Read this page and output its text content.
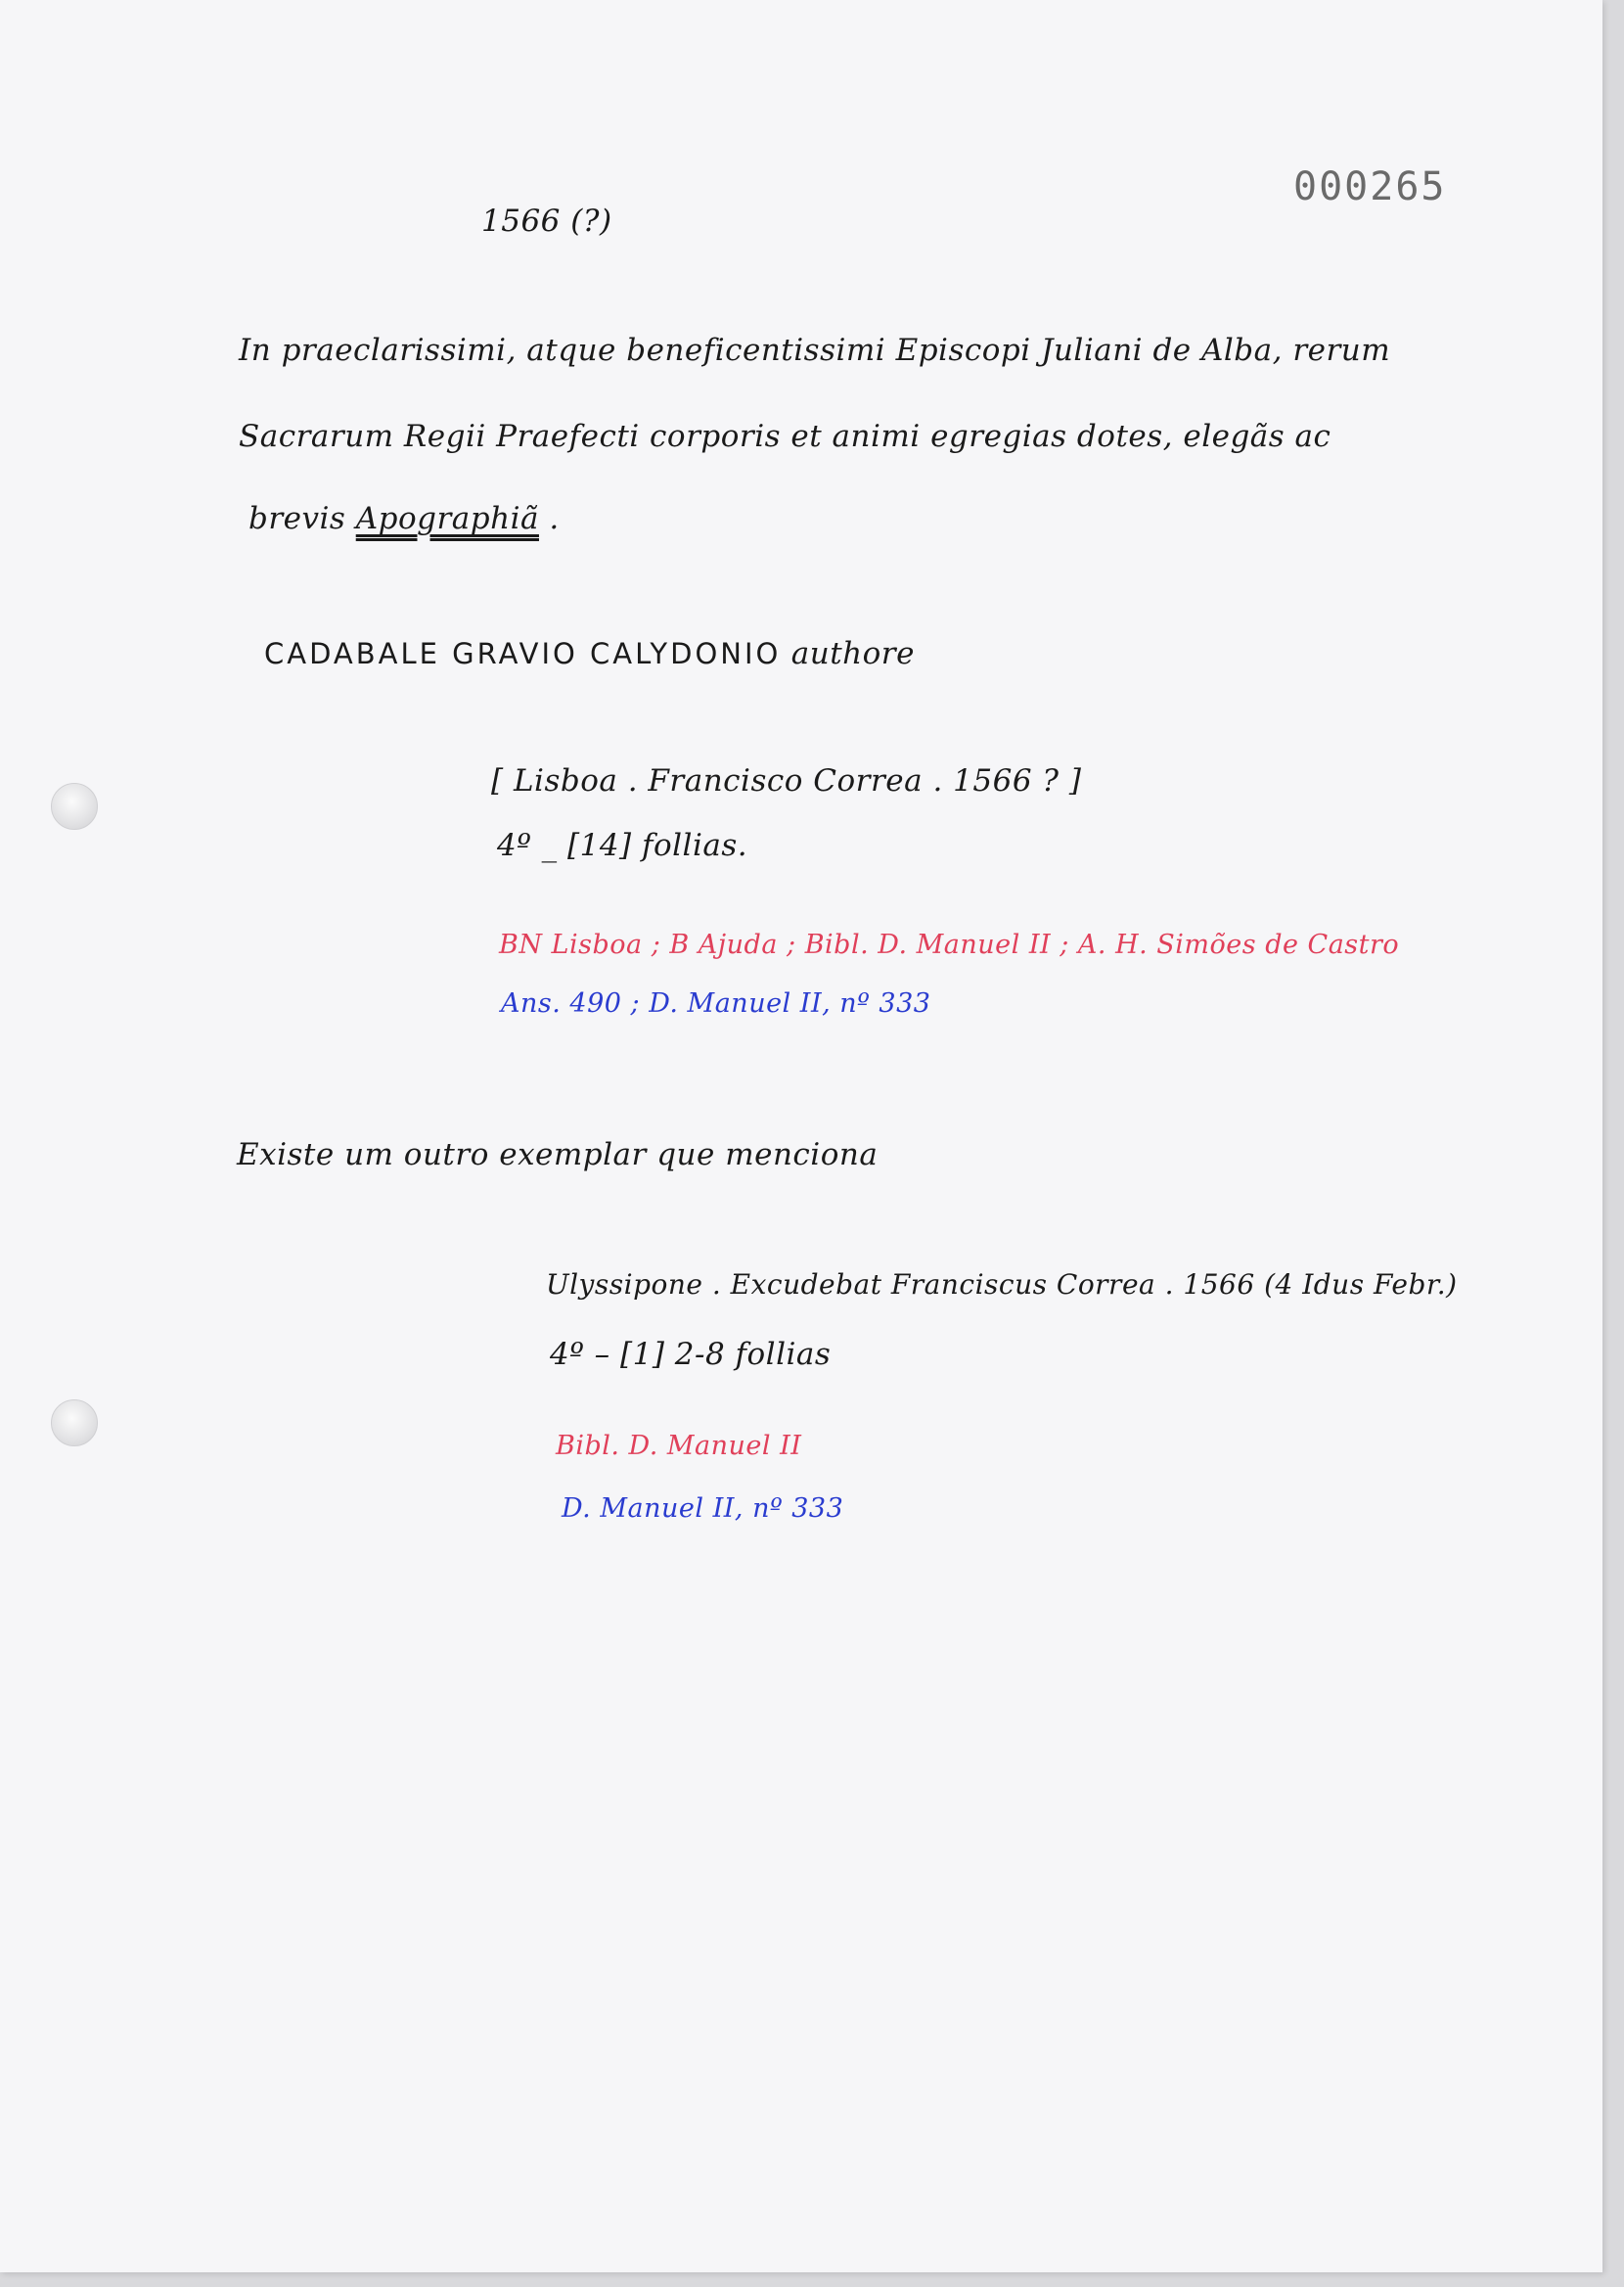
000265

1566 (?)

In praeclarissimi, atque beneficentissimi Episcopi Juliani de Alba, rerum

Sacrarum Regii Praefecti corporis et animi egregias dotes, elegãs ac

brevis Apographiã .

CADABALE GRAVIO CALYDONIO authore

[ Lisboa . Francisco Correa . 1566 ? ]

4º _ [14] follias.

BN Lisboa ; B Ajuda ; Bibl. D. Manuel II ; A. H. Simões de Castro

Ans. 490 ; D. Manuel II, nº 333

Existe um outro exemplar que menciona

Ulyssipone . Excudebat Franciscus Correa . 1566 (4 Idus Febr.)

4º – [1] 2-8 follias

Bibl. D. Manuel II

D. Manuel II, nº 333
